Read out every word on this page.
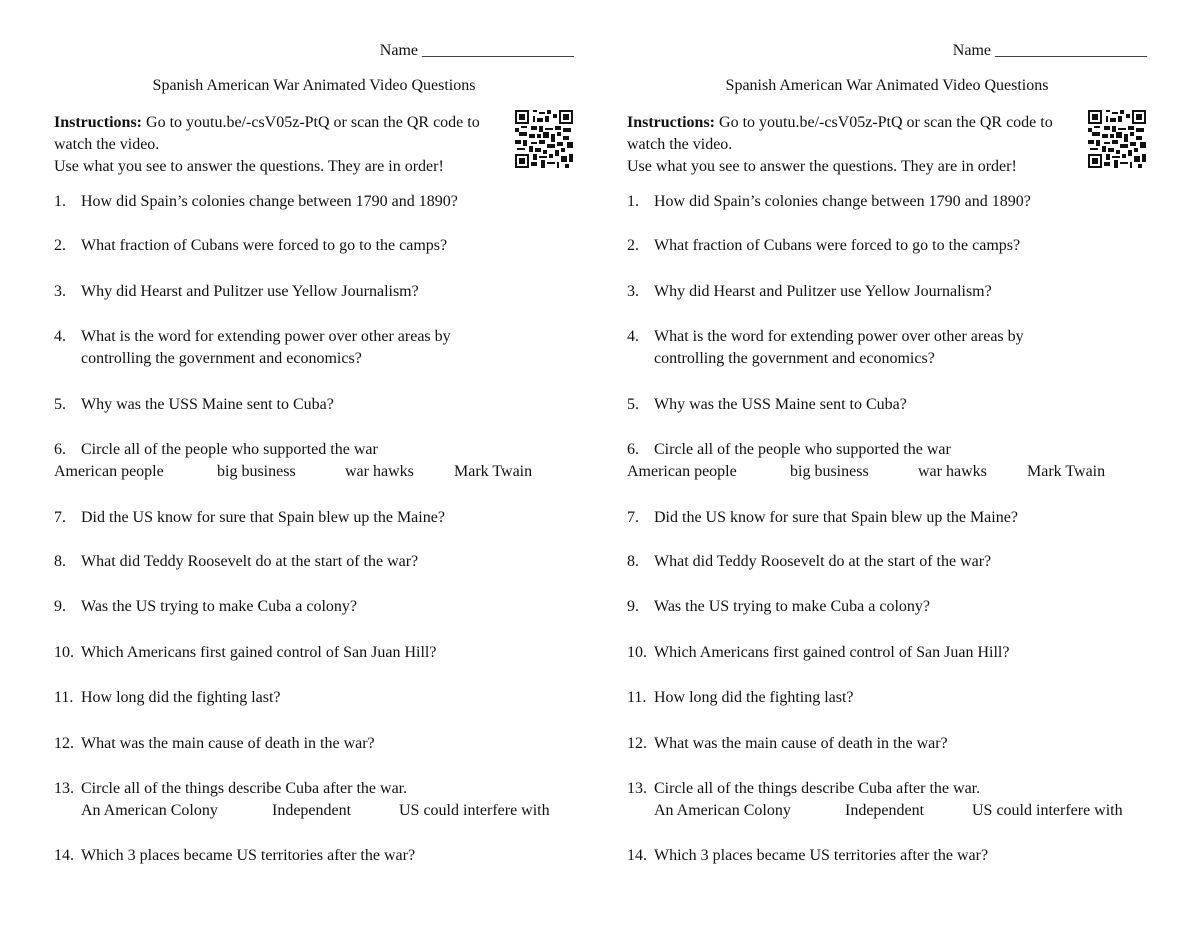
Name ___________________
Spanish American War Animated Video Questions
Instructions: Go to youtu.be/-csV05z-PtQ or scan the QR code to watch the video.
Use what you see to answer the questions. They are in order!
1. How did Spain’s colonies change between 1790 and 1890?
2. What fraction of Cubans were forced to go to the camps?
3. Why did Hearst and Pulitzer use Yellow Journalism?
4. What is the word for extending power over other areas by
controlling the government and economics?
5. Why was the USS Maine sent to Cuba?
6. Circle all of the people who supported the war
American people	big business	war hawks	Mark Twain
7. Did the US know for sure that Spain blew up the Maine?
8. What did Teddy Roosevelt do at the start of the war?
9. Was the US trying to make Cuba a colony?
10. Which Americans first gained control of San Juan Hill?
11. How long did the fighting last?
12. What was the main cause of death in the war?
13. Circle all of the things describe Cuba after the war.
An American Colony	Independent	US could interfere with
14. Which 3 places became US territories after the war?
Name ___________________
Spanish American War Animated Video Questions
Instructions: Go to youtu.be/-csV05z-PtQ or scan the QR code to watch the video.
Use what you see to answer the questions. They are in order!
1. How did Spain’s colonies change between 1790 and 1890?
2. What fraction of Cubans were forced to go to the camps?
3. Why did Hearst and Pulitzer use Yellow Journalism?
4. What is the word for extending power over other areas by
controlling the government and economics?
5. Why was the USS Maine sent to Cuba?
6. Circle all of the people who supported the war
American people	big business	war hawks	Mark Twain
7. Did the US know for sure that Spain blew up the Maine?
8. What did Teddy Roosevelt do at the start of the war?
9. Was the US trying to make Cuba a colony?
10. Which Americans first gained control of San Juan Hill?
11. How long did the fighting last?
12. What was the main cause of death in the war?
13. Circle all of the things describe Cuba after the war.
An American Colony	Independent	US could interfere with
14. Which 3 places became US territories after the war?
